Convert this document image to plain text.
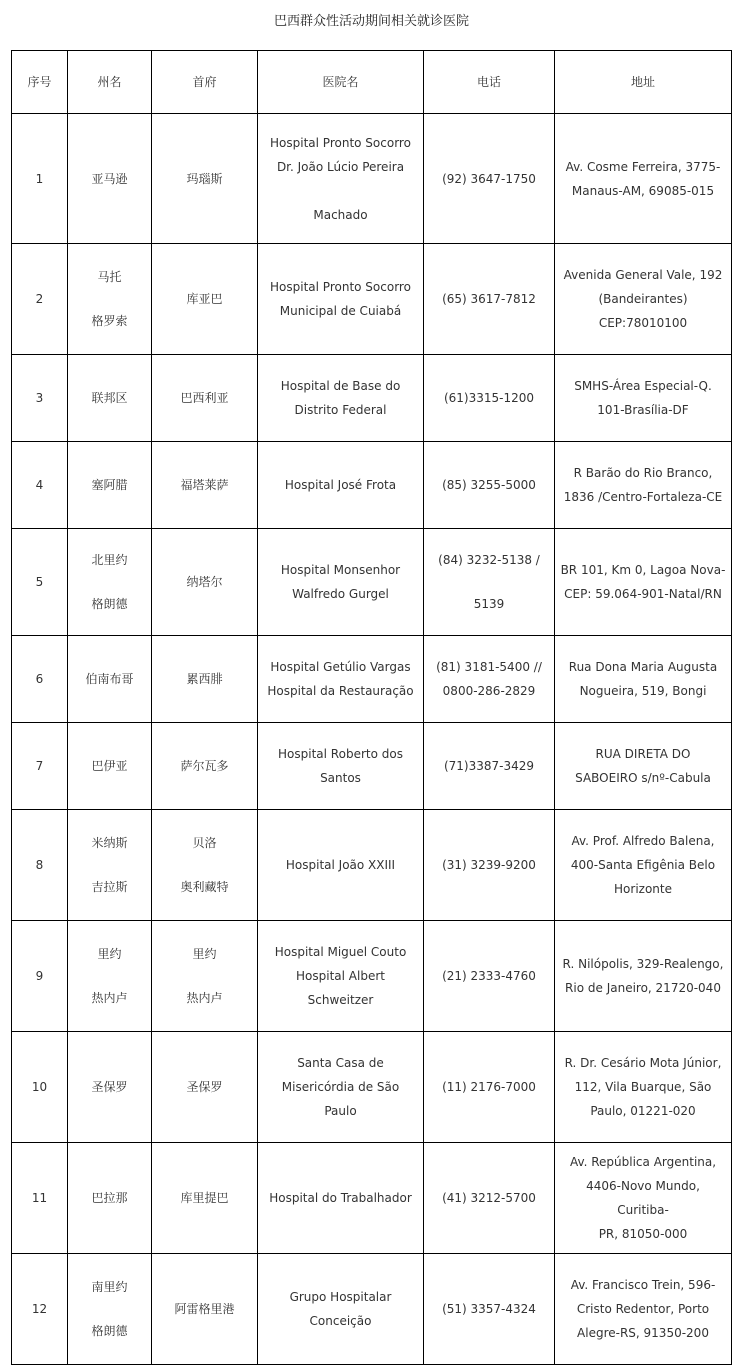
巴西群众性活动期间相关就诊医院
序号	州名	首府	医院名	电话	地址
1	亚马逊	玛瑙斯	Hospital Pronto Socorro
Dr. João Lúcio Pereira
Machado	(92) 3647-1750	Av. Cosme Ferreira, 3775-
Manaus-AM, 69085-015

2	马托
格罗索	库亚巴	Hospital Pronto Socorro
Municipal de Cuiabá	(65) 3617-7812	Avenida General Vale, 192
(Bandeirantes)
CEP:78010100

3	联邦区	巴西利亚	Hospital de Base do
Distrito Federal	(61)3315-1200	SMHS-Área Especial-Q.
101-Brasília-DF

4	塞阿腊	福塔莱萨	Hospital José Frota	(85) 3255-5000	R Barão do Rio Branco,
1836 /Centro-Fortaleza-CE

5	北里约
格朗德	纳塔尔	Hospital Monsenhor
Walfredo Gurgel	(84) 3232-5138 /
5139	BR 101, Km 0, Lagoa Nova-
CEP: 59.064-901-Natal/RN

6	伯南布哥	累西腓	Hospital Getúlio Vargas
Hospital da Restauração	(81) 3181-5400 //
0800-286-2829	Rua Dona Maria Augusta
Nogueira, 519, Bongi

7	巴伊亚	萨尔瓦多	Hospital Roberto dos
Santos	(71)3387-3429	RUA DIRETA DO
SABOEIRO s/nº-Cabula

8	米纳斯
吉拉斯	贝洛
奥利藏特	Hospital João XXIII	(31) 3239-9200	Av. Prof. Alfredo Balena,
400-Santa Efigênia Belo
Horizonte

9	里约
热内卢	里约
热内卢	Hospital Miguel Couto
Hospital Albert
Schweitzer	(21) 2333-4760	R. Nilópolis, 329-Realengo,
Rio de Janeiro, 21720-040

10	圣保罗	圣保罗	Santa Casa de
Misericórdia de São
Paulo	(11) 2176-7000	R. Dr. Cesário Mota Júnior,
112, Vila Buarque, São
Paulo, 01221-020

11	巴拉那	库里提巴	Hospital do Trabalhador	(41) 3212-5700	Av. República Argentina,
4406-Novo Mundo, Curitiba-
PR, 81050-000

12	南里约
格朗德	阿雷格里港	Grupo Hospitalar
Conceição	(51) 3357-4324	Av. Francisco Trein, 596-
Cristo Redentor, Porto
Alegre-RS, 91350-200
